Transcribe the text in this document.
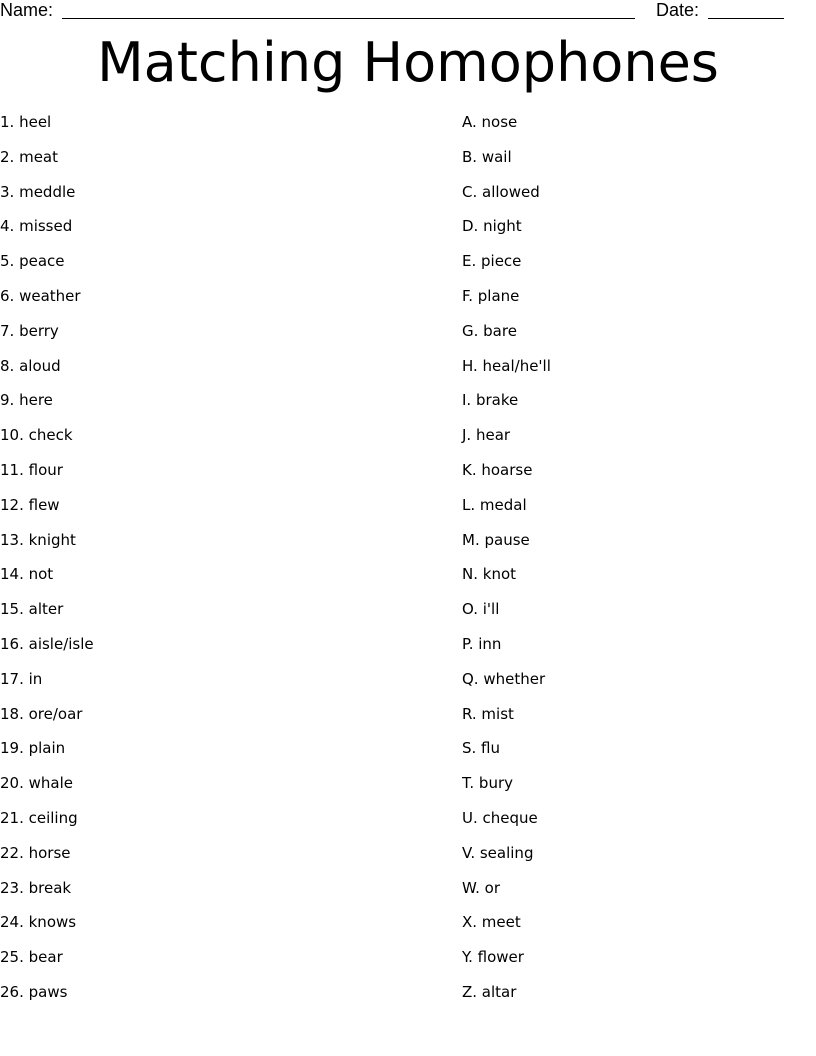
Name:	Date:
Matching Homophones
1. heel
2. meat
3. meddle
4. missed
5. peace
6. weather
7. berry
8. aloud
9. here
10. check
11. flour
12. flew
13. knight
14. not
15. alter
16. aisle/isle
17. in
18. ore/oar
19. plain
20. whale
21. ceiling
22. horse
23. break
24. knows
25. bear
26. paws
A. nose
B. wail
C. allowed
D. night
E. piece
F. plane
G. bare
H. heal/he'll
I. brake
J. hear
K. hoarse
L. medal
M. pause
N. knot
O. i'll
P. inn
Q. whether
R. mist
S. flu
T. bury
U. cheque
V. sealing
W. or
X. meet
Y. flower
Z. altar
